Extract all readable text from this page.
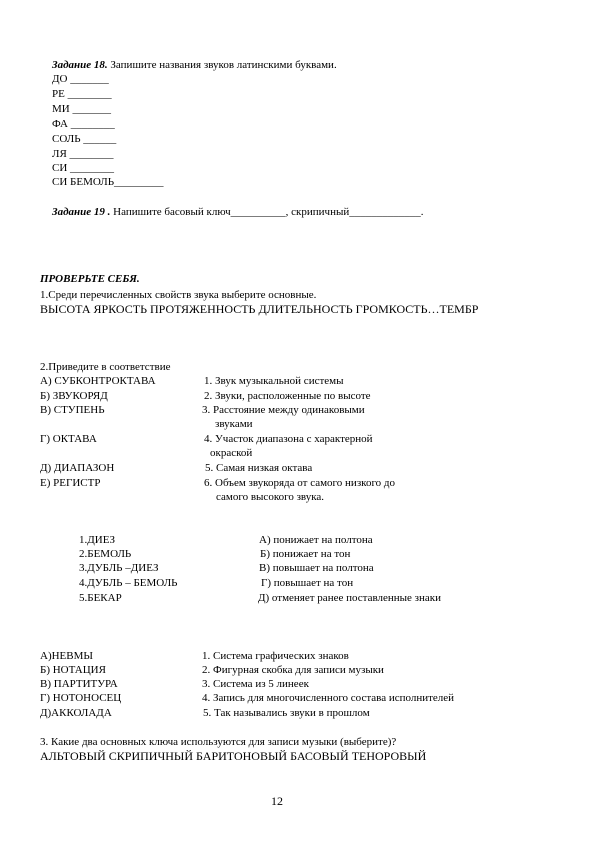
Задание 18. Запишите названия звуков латинскими буквами.
ДО _______
РЕ ________
МИ _______
ФА ________
СОЛЬ ______
ЛЯ ________
СИ ________
СИ БЕМОЛЬ_________
Задание 19 . Напишите басовый ключ__________, скрипичный_____________.
ПРОВЕРЬТЕ СЕБЯ.
1.Среди перечисленных свойств звука выберите основные.
ВЫСОТА ЯРКОСТЬ ПРОТЯЖЕННОСТЬ ДЛИТЕЛЬНОСТЬ ГРОМКОСТЬ…ТЕМБР
2.Приведите в соответствие
А) СУБКОНТРОКТАВА
Б) ЗВУКОРЯД
В) СТУПЕНЬ
Г) ОКТАВА
Д) ДИАПАЗОН
Е) РЕГИСТР
1. Звук музыкальной системы
2. Звуки, расположенные по высоте
3. Расстояние между одинаковыми
звуками
4. Участок диапазона с характерной
окраской
5. Самая низкая октава
6. Объем звукоряда от самого низкого до
самого высокого звука.
1.ДИЕЗ
2.БЕМОЛЬ
3.ДУБЛЬ –ДИЕЗ
4.ДУБЛЬ – БЕМОЛЬ
5.БЕКАР
А) понижает на полтона
Б) понижает на тон
В) повышает на полтона
Г) повышает на тон
Д) отменяет ранее поставленные знаки
А)НЕВМЫ
Б) НОТАЦИЯ
В) ПАРТИТУРА
Г) НОТОНОСЕЦ
Д)АККОЛАДА
1. Система графических знаков
2. Фигурная скобка для записи музыки
3. Система из 5 линеек
4. Запись для многочисленного состава исполнителей
5. Так назывались звуки в прошлом
3. Какие два основных ключа используются для записи музыки (выберите)?
АЛЬТОВЫЙ СКРИПИЧНЫЙ БАРИТОНОВЫЙ БАСОВЫЙ ТЕНОРОВЫЙ
12
